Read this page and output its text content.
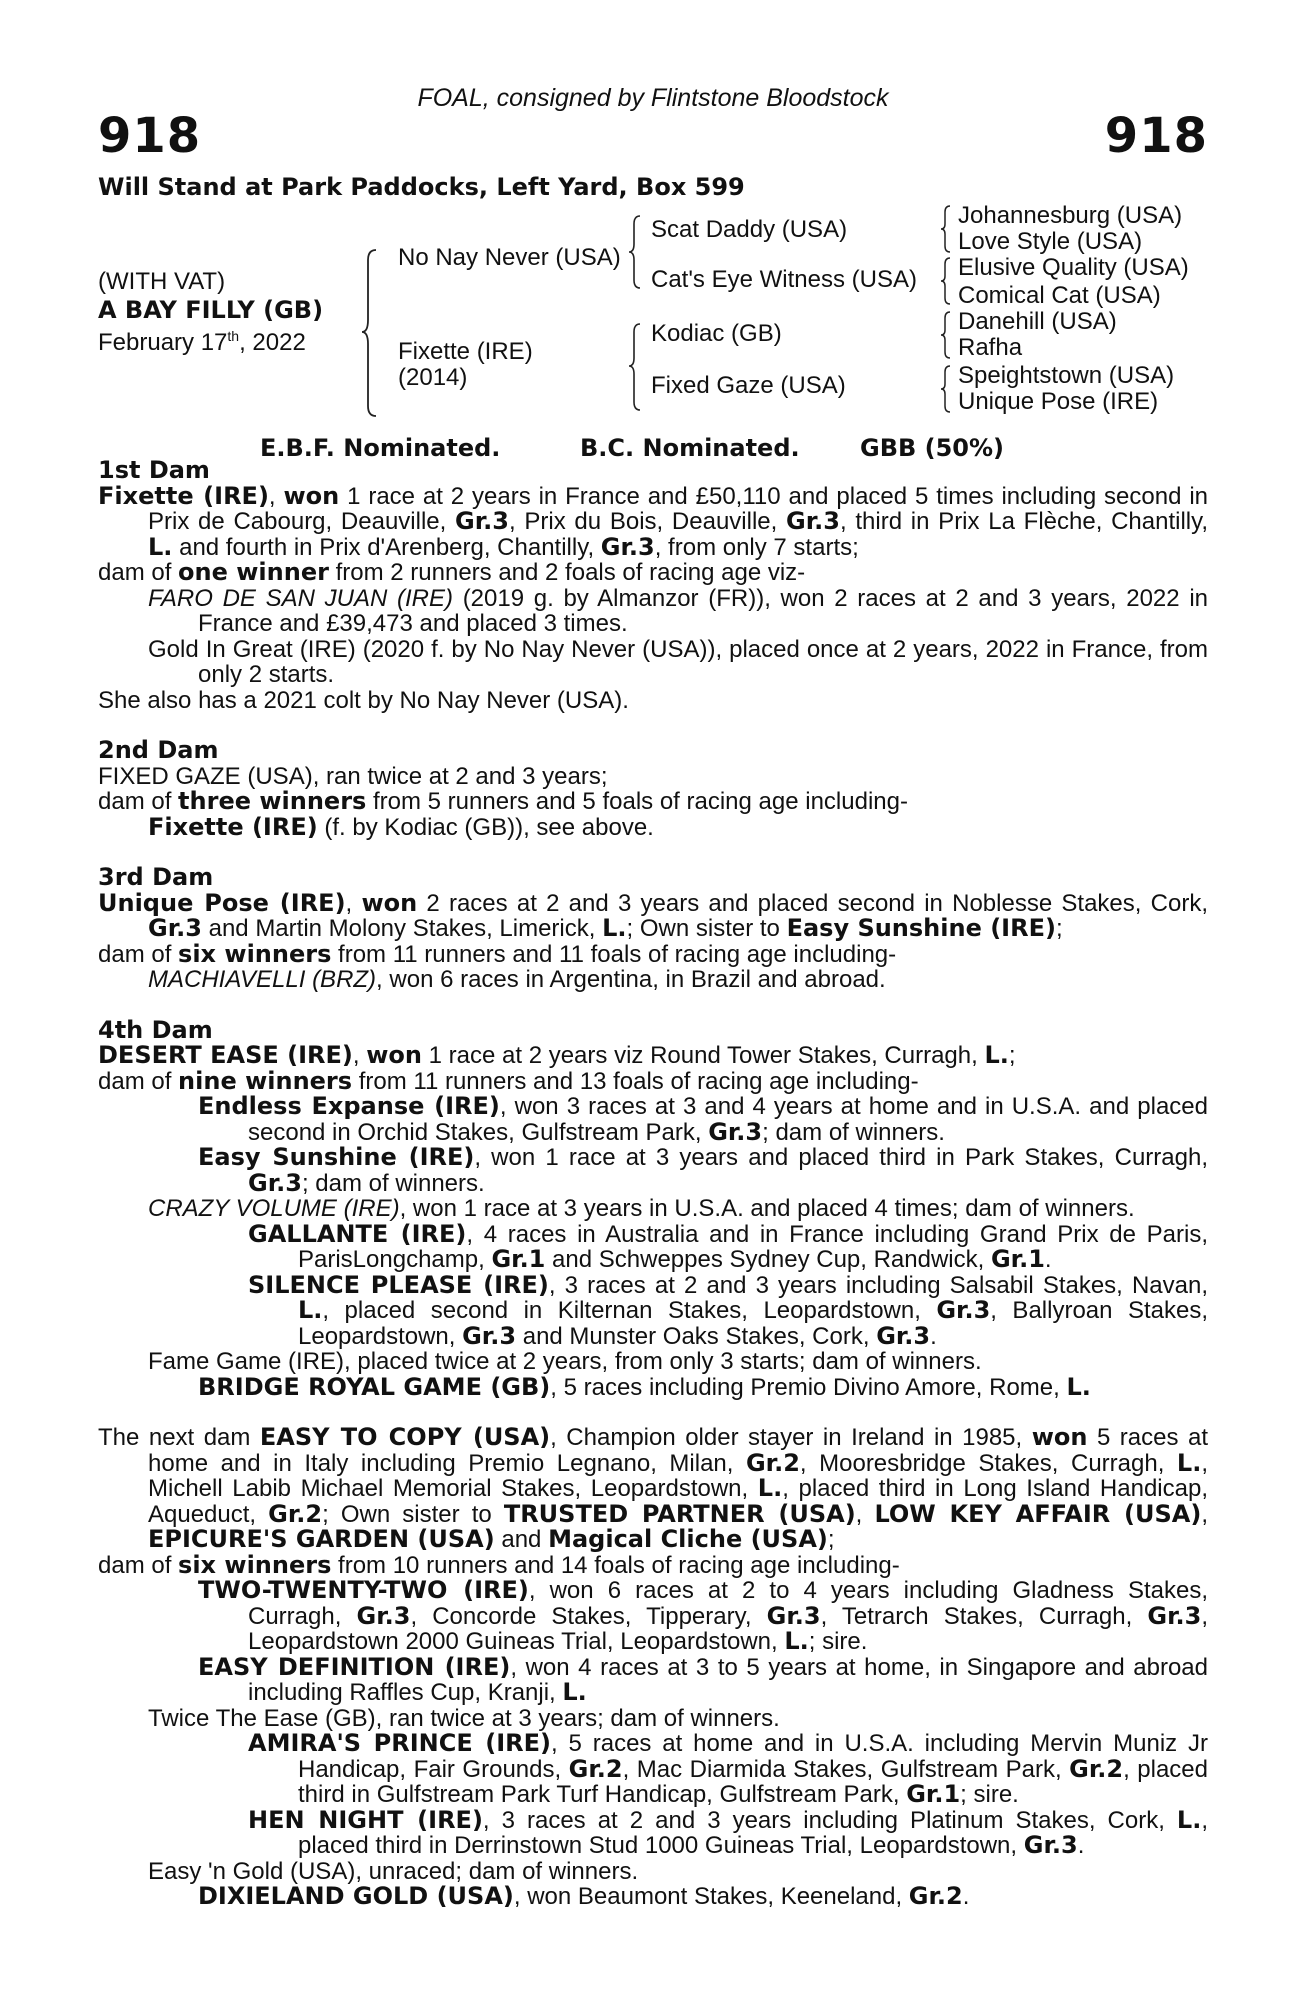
FOAL, consigned by Flintstone Bloodstock
918	918
Will Stand at Park Paddocks, Left Yard, Box 599
(WITH VAT)
A BAY FILLY (GB)
February 17th, 2022
No Nay Never (USA)
Fixette (IRE)
(2014)
Scat Daddy (USA)
Cat's Eye Witness (USA)
Kodiac (GB)
Fixed Gaze (USA)
Johannesburg (USA)
Love Style (USA)
Elusive Quality (USA)
Comical Cat (USA)
Danehill (USA)
Rafha
Speightstown (USA)
Unique Pose (IRE)
E.B.F. Nominated.	B.C. Nominated.	GBB (50%)

1st Dam

Fixette (IRE), won 1 race at 2 years in France and £50,110 and placed 5 times including second in Prix de Cabourg, Deauville, Gr.3, Prix du Bois, Deauville, Gr.3, third in Prix La Flèche, Chantilly, L. and fourth in Prix d'Arenberg, Chantilly, Gr.3, from only 7 starts;

dam of one winner from 2 runners and 2 foals of racing age viz-

FARO DE SAN JUAN (IRE) (2019 g. by Almanzor (FR)), won 2 races at 2 and 3 years, 2022 in France and £39,473 and placed 3 times.

Gold In Great (IRE) (2020 f. by No Nay Never (USA)), placed once at 2 years, 2022 in France, from only 2 starts.

She also has a 2021 colt by No Nay Never (USA).

2nd Dam

FIXED GAZE (USA), ran twice at 2 and 3 years;

dam of three winners from 5 runners and 5 foals of racing age including-

Fixette (IRE) (f. by Kodiac (GB)), see above.

3rd Dam

Unique Pose (IRE), won 2 races at 2 and 3 years and placed second in Noblesse Stakes, Cork, Gr.3 and Martin Molony Stakes, Limerick, L.; Own sister to Easy Sunshine (IRE);

dam of six winners from 11 runners and 11 foals of racing age including-

MACHIAVELLI (BRZ), won 6 races in Argentina, in Brazil and abroad.

4th Dam

DESERT EASE (IRE), won 1 race at 2 years viz Round Tower Stakes, Curragh, L.;

dam of nine winners from 11 runners and 13 foals of racing age including-

Endless Expanse (IRE), won 3 races at 3 and 4 years at home and in U.S.A. and placed second in Orchid Stakes, Gulfstream Park, Gr.3; dam of winners.

Easy Sunshine (IRE), won 1 race at 3 years and placed third in Park Stakes, Curragh, Gr.3; dam of winners.

CRAZY VOLUME (IRE), won 1 race at 3 years in U.S.A. and placed 4 times; dam of winners.

GALLANTE (IRE), 4 races in Australia and in France including Grand Prix de Paris, ParisLongchamp, Gr.1 and Schweppes Sydney Cup, Randwick, Gr.1.

SILENCE PLEASE (IRE), 3 races at 2 and 3 years including Salsabil Stakes, Navan, L., placed second in Kilternan Stakes, Leopardstown, Gr.3, Ballyroan Stakes, Leopardstown, Gr.3 and Munster Oaks Stakes, Cork, Gr.3.

Fame Game (IRE), placed twice at 2 years, from only 3 starts; dam of winners.

BRIDGE ROYAL GAME (GB), 5 races including Premio Divino Amore, Rome, L.

The next dam EASY TO COPY (USA), Champion older stayer in Ireland in 1985, won 5 races at home and in Italy including Premio Legnano, Milan, Gr.2, Mooresbridge Stakes, Curragh, L., Michell Labib Michael Memorial Stakes, Leopardstown, L., placed third in Long Island Handicap, Aqueduct, Gr.2; Own sister to TRUSTED PARTNER (USA), LOW KEY AFFAIR (USA), EPICURE'S GARDEN (USA) and Magical Cliche (USA);

dam of six winners from 10 runners and 14 foals of racing age including-

TWO-TWENTY-TWO (IRE), won 6 races at 2 to 4 years including Gladness Stakes, Curragh, Gr.3, Concorde Stakes, Tipperary, Gr.3, Tetrarch Stakes, Curragh, Gr.3, Leopardstown 2000 Guineas Trial, Leopardstown, L.; sire.

EASY DEFINITION (IRE), won 4 races at 3 to 5 years at home, in Singapore and abroad including Raffles Cup, Kranji, L.

Twice The Ease (GB), ran twice at 3 years; dam of winners.

AMIRA'S PRINCE (IRE), 5 races at home and in U.S.A. including Mervin Muniz Jr Handicap, Fair Grounds, Gr.2, Mac Diarmida Stakes, Gulfstream Park, Gr.2, placed third in Gulfstream Park Turf Handicap, Gulfstream Park, Gr.1; sire.

HEN NIGHT (IRE), 3 races at 2 and 3 years including Platinum Stakes, Cork, L., placed third in Derrinstown Stud 1000 Guineas Trial, Leopardstown, Gr.3.

Easy 'n Gold (USA), unraced; dam of winners.

DIXIELAND GOLD (USA), won Beaumont Stakes, Keeneland, Gr.2.
